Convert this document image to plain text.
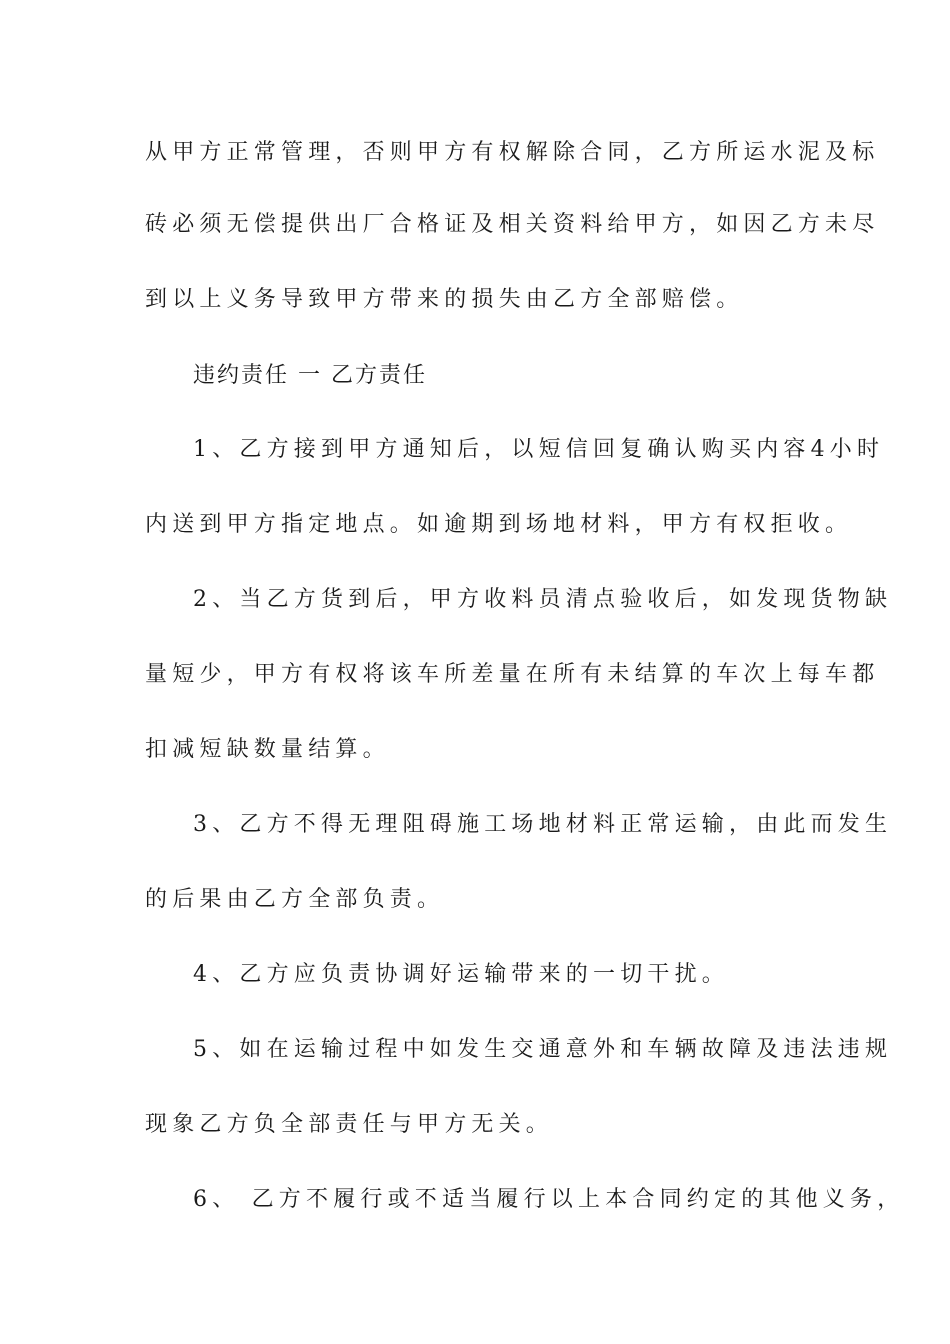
从甲方正常管理，否则甲方有权解除合同，乙方所运水泥及标
砖必须无偿提供出厂合格证及相关资料给甲方，如因乙方未尽
到以上义务导致甲方带来的损失由乙方全部赔偿。
违约责任 一 乙方责任
1、乙方接到甲方通知后，以短信回复确认购买内容4小时
内送到甲方指定地点。如逾期到场地材料，甲方有权拒收。
2、当乙方货到后，甲方收料员清点验收后，如发现货物缺
量短少，甲方有权将该车所差量在所有未结算的车次上每车都
扣减短缺数量结算。
3、乙方不得无理阻碍施工场地材料正常运输，由此而发生
的后果由乙方全部负责。
4、乙方应负责协调好运输带来的一切干扰。
5、如在运输过程中如发生交通意外和车辆故障及违法违规
现象乙方负全部责任与甲方无关。
6、 乙方不履行或不适当履行以上本合同约定的其他义务，
